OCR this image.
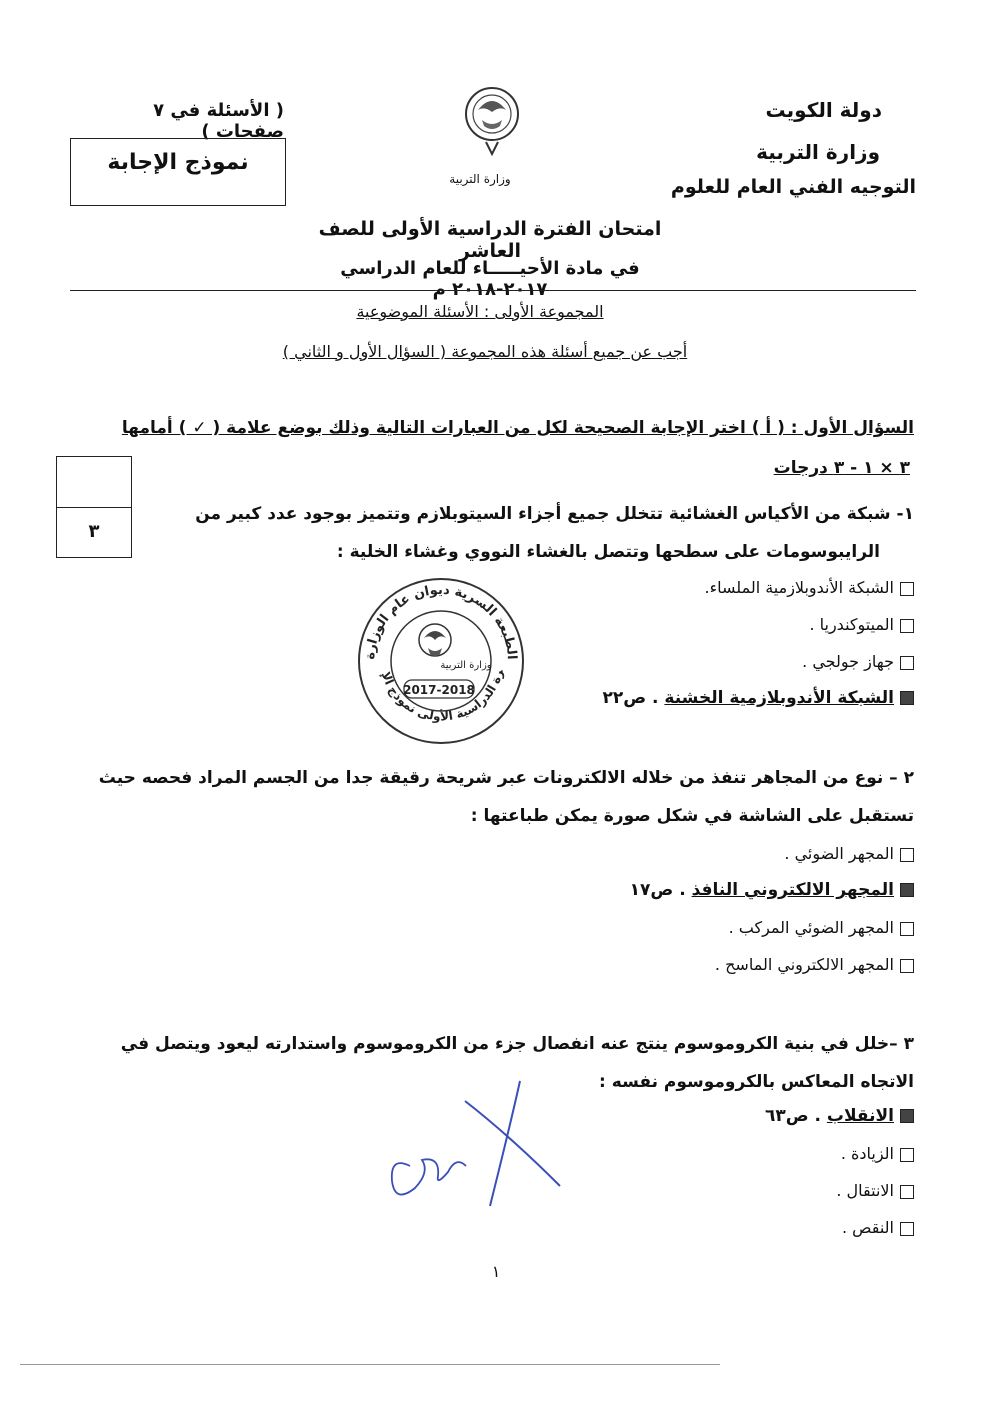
دولة الكويت
وزارة التربية
التوجيه الفني العام للعلوم
وزارة التربية
( الأسئلة في ٧ صفحات )
نموذج الإجابة
امتحان الفترة الدراسية الأولى للصف العاشر
في مادة الأحيـــــاء للعام الدراسي ٢٠١٧-٢٠١٨ م
المجموعة الأولى : الأسئلة الموضوعية
أجب عن جميع أسئلة هذه المجموعة ( السؤال الأول و الثاني )
السؤال الأول : ( أ ) اختر الإجابة الصحيحة لكل من العبارات التالية وذلك بوضع علامة ( ✓ ) أمامها
٣ × ١ - ٣ درجات
٣
١- شبكة من الأكياس الغشائية تتخلل جميع أجزاء السيتوبلازم وتتميز بوجود عدد كبير من
الرايبوسومات على سطحها وتتصل بالغشاء النووي وغشاء الخلية :
الشبكة الأندوبلازمية الملساء.
الميتوكندريا .
جهاز جولجي .
الشبكة الأندوبلازمية الخشنة . ص٢٢
الطبعة السرية ديوان عام الوزارة
رة الدراسية الأولى نموذج الإجابة
وزارة التربية
2017-2018
٢ – نوع من المجاهر تنفذ من خلاله الالكترونات عبر شريحة رقيقة جدا من الجسم المراد فحصه حيث
تستقبل على الشاشة في شكل صورة يمكن طباعتها :
المجهر الضوئي .
المجهر الالكتروني النافذ . ص١٧
المجهر الضوئي المركب .
المجهر الالكتروني الماسح .
٣ –خلل في بنية الكروموسوم ينتج عنه انفصال جزء من الكروموسوم واستدارته ليعود ويتصل في
الاتجاه المعاكس بالكروموسوم نفسه :
الانقلاب . ص٦٣
الزيادة .
الانتقال .
النقص .
١
